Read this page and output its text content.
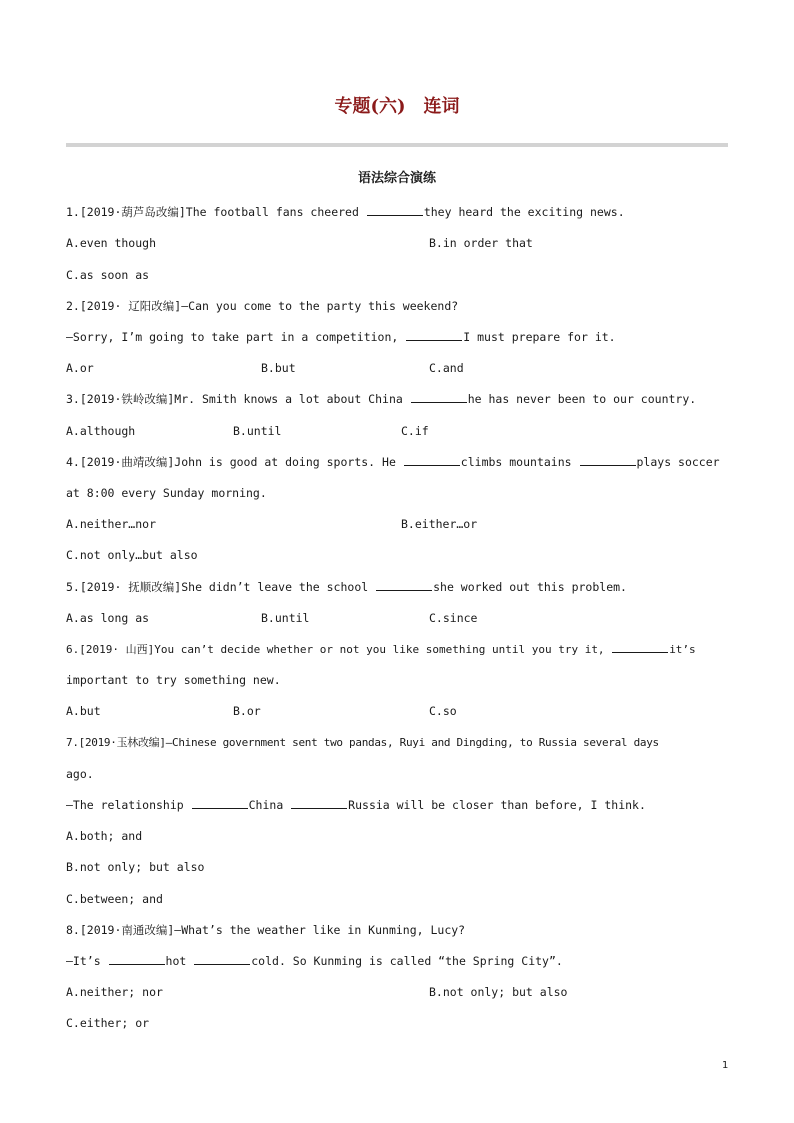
专题(六)　连词
语法综合演练
1.[2019·葫芦岛改编]The football fans cheered	they heard the exciting news.
A.even though	B.in order that
C.as soon as
2.[2019· 辽阳改编]—Can you come to the party this weekend?
—Sorry, I’m going to take part in a competition,	I must prepare for it.
A.or	B.but	C.and
3.[2019·铁岭改编]Mr. Smith knows a lot about China	he has never been to our country.
A.although	B.until	C.if
4.[2019·曲靖改编]John is good at doing sports. He	climbs mountains	plays soccer
at 8:00 every Sunday morning.
A.neither…nor	B.either…or
C.not only…but also
5.[2019· 抚顺改编]She didn’t leave the school	she worked out this problem.
A.as long as	B.until	C.since
6.[2019· 山西]You can’t decide whether or not you like something until you try it,	it’s
important to try something new.
A.but	B.or	C.so
7.[2019·玉林改编]—Chinese government sent two pandas, Ruyi and Dingding, to Russia several days
ago.
—The relationship	China	Russia will be closer than before, I think.
A.both; and
B.not only; but also
C.between; and
8.[2019·南通改编]—What’s the weather like in Kunming, Lucy?
—It’s	hot	cold. So Kunming is called “the Spring City”.
A.neither; nor	B.not only; but also
C.either; or
1
